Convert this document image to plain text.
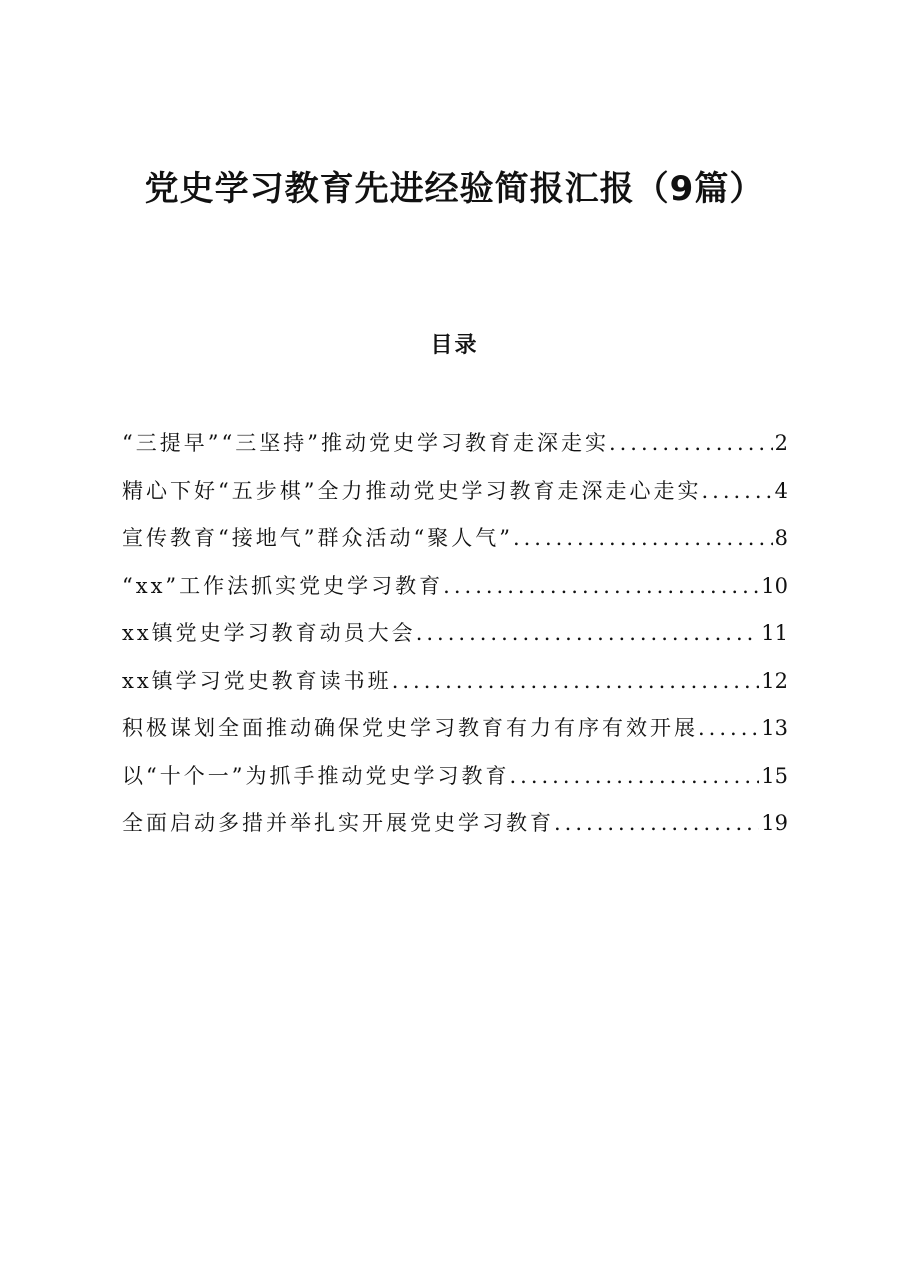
党史学习教育先进经验简报汇报（9篇）
目录
“三提早”“三坚持”推动党史学习教育走深走实 .....	2
精心下好“五步棋”全力推动党史学习教育走深走心走实 .....	4
宣传教育“接地气”群众活动“聚人气” .....	8
“xx”工作法抓实党史学习教育 .....	10
xx镇党史学习教育动员大会 .....	11
xx镇学习党史教育读书班 .....	12
积极谋划全面推动确保党史学习教育有力有序有效开展 .....	13
以“十个一”为抓手推动党史学习教育 .....	15
全面启动多措并举扎实开展党史学习教育 .....	19
